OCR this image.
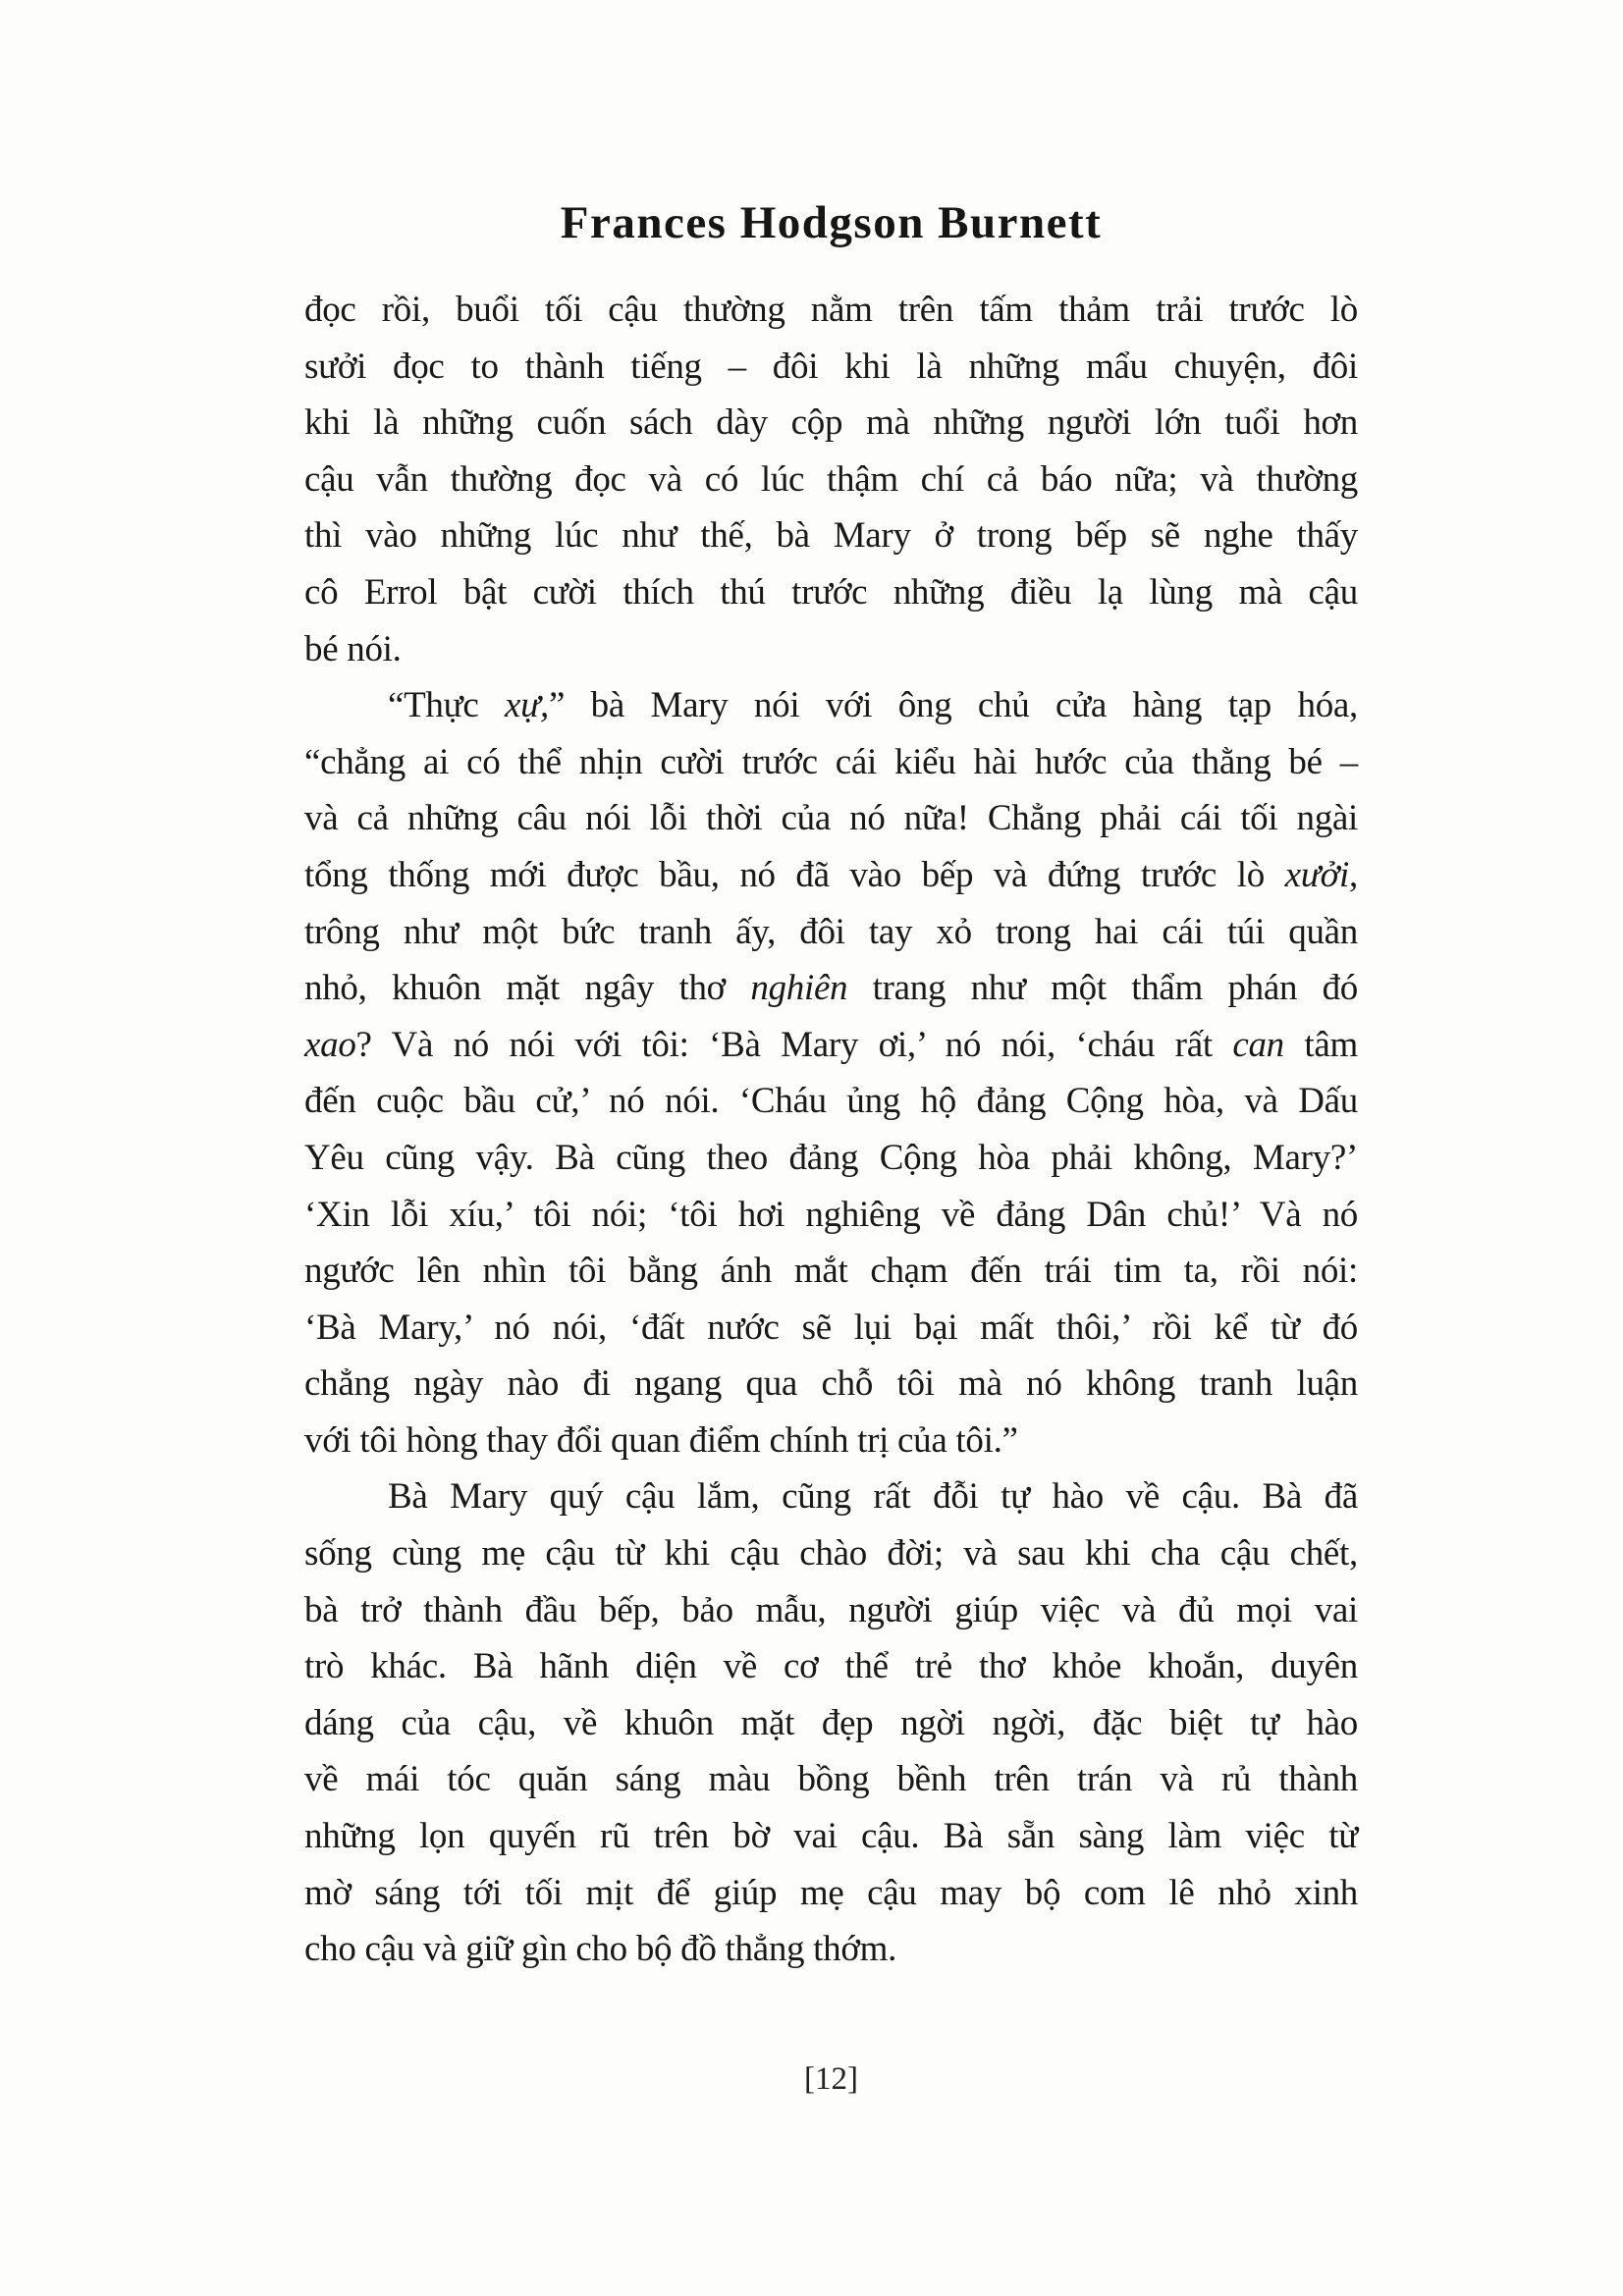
Frances Hodgson Burnett
đọc rồi, buổi tối cậu thường nằm trên tấm thảm trải trước lò
sưởi đọc to thành tiếng – đôi khi là những mẩu chuyện, đôi
khi là những cuốn sách dày cộp mà những người lớn tuổi hơn
cậu vẫn thường đọc và có lúc thậm chí cả báo nữa; và thường
thì vào những lúc như thế, bà Mary ở trong bếp sẽ nghe thấy
cô Errol bật cười thích thú trước những điều lạ lùng mà cậu
bé nói.
“Thực xự,” bà Mary nói với ông chủ cửa hàng tạp hóa,
“chẳng ai có thể nhịn cười trước cái kiểu hài hước của thằng bé –
và cả những câu nói lỗi thời của nó nữa! Chẳng phải cái tối ngài
tổng thống mới được bầu, nó đã vào bếp và đứng trước lò xưởi,
trông như một bức tranh ấy, đôi tay xỏ trong hai cái túi quần
nhỏ, khuôn mặt ngây thơ nghiên trang như một thẩm phán đó
xao? Và nó nói với tôi: ‘Bà Mary ơi,’ nó nói, ‘cháu rất can tâm
đến cuộc bầu cử,’ nó nói. ‘Cháu ủng hộ đảng Cộng hòa, và Dấu
Yêu cũng vậy. Bà cũng theo đảng Cộng hòa phải không, Mary?’
‘Xin lỗi xíu,’ tôi nói; ‘tôi hơi nghiêng về đảng Dân chủ!’ Và nó
ngước lên nhìn tôi bằng ánh mắt chạm đến trái tim ta, rồi nói:
‘Bà Mary,’ nó nói, ‘đất nước sẽ lụi bại mất thôi,’ rồi kể từ đó
chẳng ngày nào đi ngang qua chỗ tôi mà nó không tranh luận
với tôi hòng thay đổi quan điểm chính trị của tôi.”
Bà Mary quý cậu lắm, cũng rất đỗi tự hào về cậu. Bà đã
sống cùng mẹ cậu từ khi cậu chào đời; và sau khi cha cậu chết,
bà trở thành đầu bếp, bảo mẫu, người giúp việc và đủ mọi vai
trò khác. Bà hãnh diện về cơ thể trẻ thơ khỏe khoắn, duyên
dáng của cậu, về khuôn mặt đẹp ngời ngời, đặc biệt tự hào
về mái tóc quăn sáng màu bồng bềnh trên trán và rủ thành
những lọn quyến rũ trên bờ vai cậu. Bà sẵn sàng làm việc từ
mờ sáng tới tối mịt để giúp mẹ cậu may bộ com lê nhỏ xinh
cho cậu và giữ gìn cho bộ đồ thẳng thớm.
[12]
